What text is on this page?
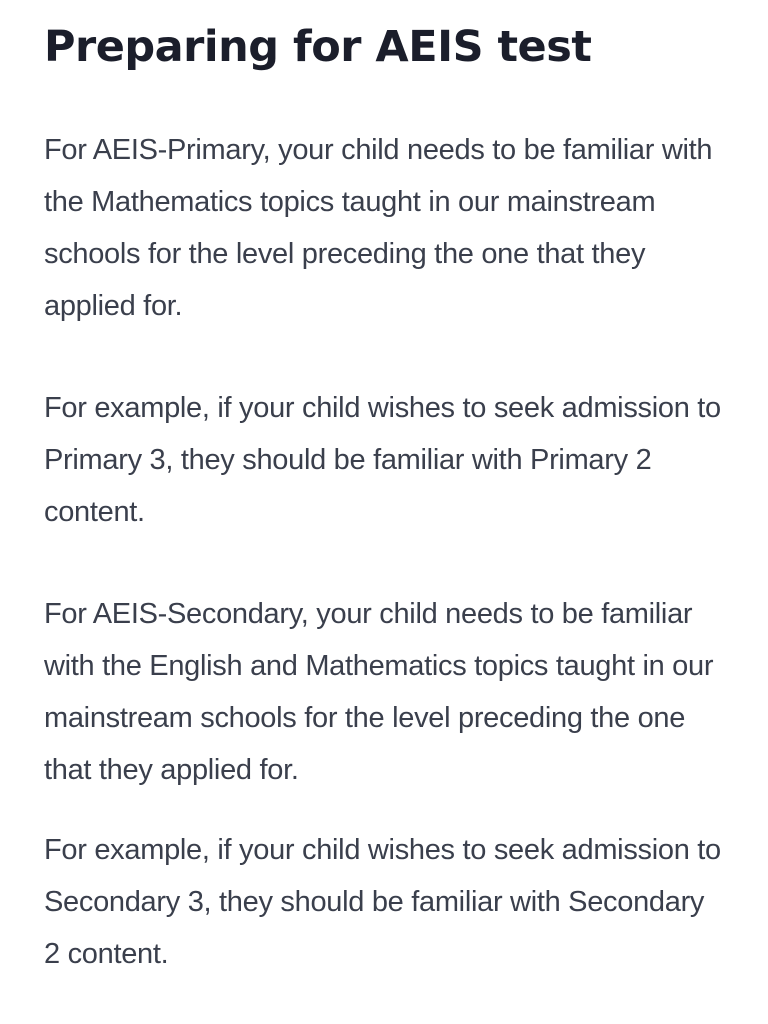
Preparing for AEIS test

For AEIS-Primary, your child needs to be familiar with the Mathematics topics taught in our mainstream schools for the level preceding the one that they applied for.

For example, if your child wishes to seek admission to Primary 3, they should be familiar with Primary 2 content.

For AEIS-Secondary, your child needs to be familiar with the English and Mathematics topics taught in our mainstream schools for the level preceding the one that they applied for.

For example, if your child wishes to seek admission to Secondary 3, they should be familiar with Secondary 2 content.
